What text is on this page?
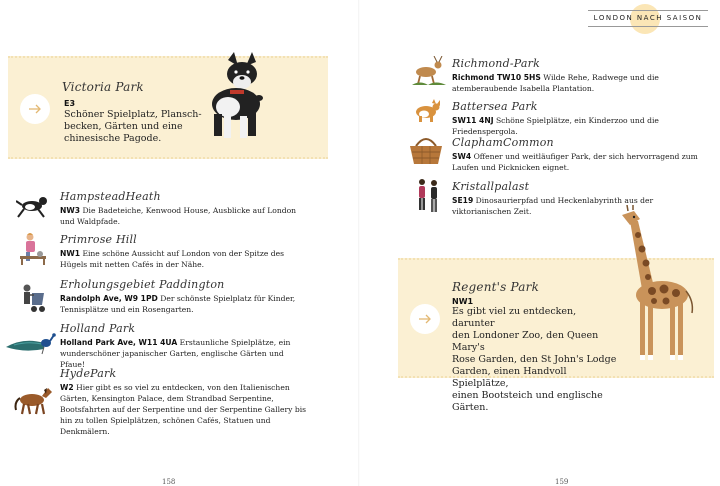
Victoria Park
E3
Schöner Spielplatz, Plansch-
becken, Gärten und eine
chinesische Pagode.
HampsteadHeath
NW3 Die Badeteiche, Kenwood House, Ausblicke auf London und Waldpfade.
Primrose Hill
NW1 Eine schöne Aussicht auf London von der Spitze des Hügels mit netten Cafés in der Nähe.
Erholungsgebiet Paddington
Randolph Ave, W9 1PD Der schönste Spielplatz für Kinder, Tennisplätze und ein Rosengarten.
Holland Park
Holland Park Ave, W11 4UA Erstaunliche Spielplätze, ein wunderschöner japanischer Garten, englische Gärten und Pfaue!
HydePark
W2 Hier gibt es so viel zu entdecken, von den Italienischen Gärten, Kensington Palace, dem Strandbad Serpentine, Bootsfahrten auf der Serpentine und der Serpentine Gallery bis hin zu tollen Spielplätzen, schönen Cafés, Statuen und Denkmälern.
158
LONDON NACH SAISON
Richmond-Park
Richmond TW10 5HS Wilde Rehe, Radwege und die atemberaubende Isabella Plantation.
Battersea Park
SW11 4NJ Schöne Spielplätze, ein Kinderzoo und die Friedenspergola.
ClaphamCommon
SW4 Offener und weitläufiger Park, der sich hervorragend zum Laufen und Picknicken eignet.
Kristallpalast
SE19 Dinosaurierpfad und Heckenlabyrinth aus der viktorianischen Zeit.
Regent's Park
NW1
Es gibt viel zu entdecken, darunter
den Londoner Zoo, den Queen Mary's
Rose Garden, den St John's Lodge
Garden, einen Handvoll Spielplätze,
einen Bootsteich und englische
Gärten.
159
